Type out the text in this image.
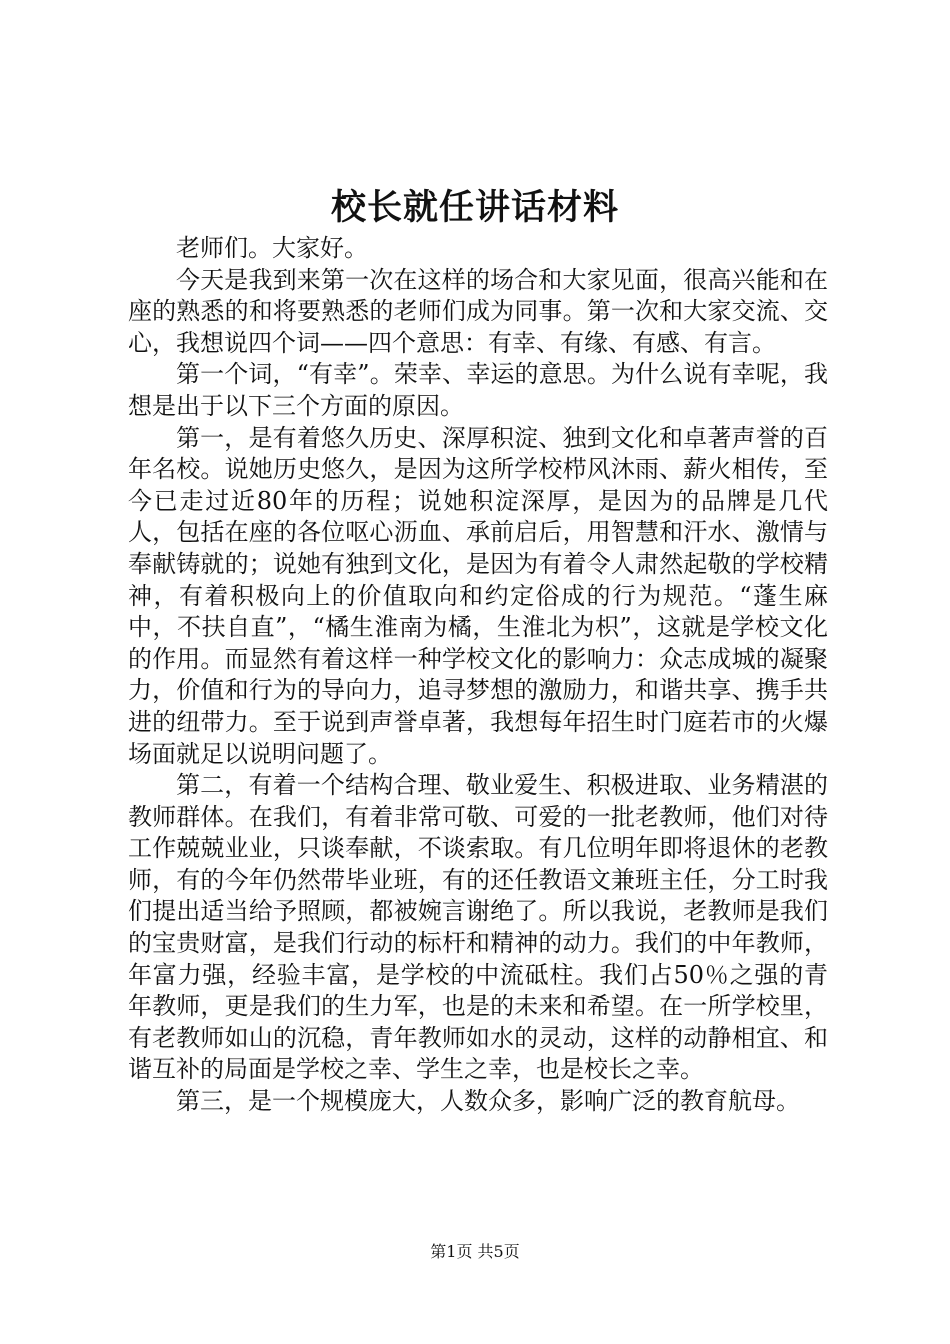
校长就任讲话材料

老师们。大家好。

今天是我到来第一次在这样的场合和大家见面，很高兴能和在座的熟悉的和将要熟悉的老师们成为同事。第一次和大家交流、交心，我想说四个词——四个意思：有幸、有缘、有感、有言。

第一个词，“有幸”。荣幸、幸运的意思。为什么说有幸呢，我想是出于以下三个方面的原因。

第一，是有着悠久历史、深厚积淀、独到文化和卓著声誉的百年名校。说她历史悠久，是因为这所学校栉风沐雨、薪火相传，至今已走过近80年的历程；说她积淀深厚，是因为的品牌是几代人，包括在座的各位呕心沥血、承前启后，用智慧和汗水、激情与奉献铸就的；说她有独到文化，是因为有着令人肃然起敬的学校精神，有着积极向上的价值取向和约定俗成的行为规范。“蓬生麻中，不扶自直”，“橘生淮南为橘，生淮北为枳”，这就是学校文化的作用。而显然有着这样一种学校文化的影响力：众志成城的凝聚力，价值和行为的导向力，追寻梦想的激励力，和谐共享、携手共进的纽带力。至于说到声誉卓著，我想每年招生时门庭若市的火爆场面就足以说明问题了。

第二，有着一个结构合理、敬业爱生、积极进取、业务精湛的教师群体。在我们，有着非常可敬、可爱的一批老教师，他们对待工作兢兢业业，只谈奉献，不谈索取。有几位明年即将退休的老教师，有的今年仍然带毕业班，有的还任教语文兼班主任，分工时我们提出适当给予照顾，都被婉言谢绝了。所以我说，老教师是我们的宝贵财富，是我们行动的标杆和精神的动力。我们的中年教师，年富力强，经验丰富，是学校的中流砥柱。我们占50％之强的青年教师，更是我们的生力军，也是的未来和希望。在一所学校里，有老教师如山的沉稳，青年教师如水的灵动，这样的动静相宜、和谐互补的局面是学校之幸、学生之幸，也是校长之幸。

第三，是一个规模庞大，人数众多，影响广泛的教育航母。

第1页 共5页
